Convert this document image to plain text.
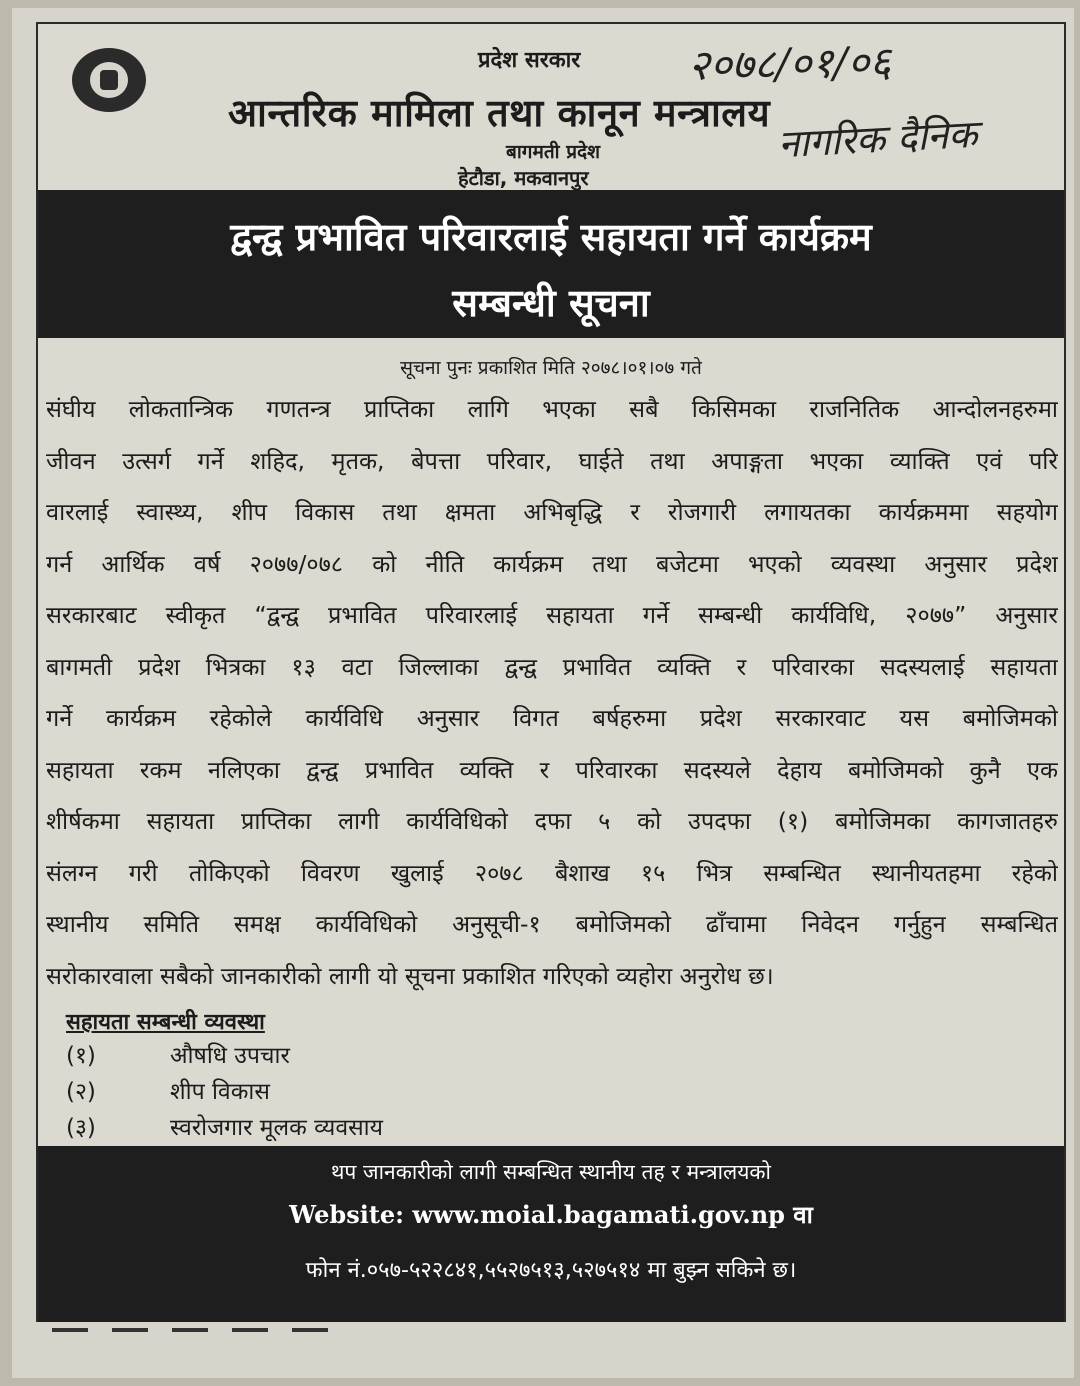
प्रदेश सरकार
आन्तरिक मामिला तथा कानून मन्त्रालय
बागमती प्रदेश
हेटौडा, मकवानपुर
२०७८/०१/०६
नागरिक दैनिक
द्वन्द्व प्रभावित परिवारलाई सहायता गर्ने कार्यक्रम
सम्बन्धी सूचना
सूचना पुनः प्रकाशित मिति २०७८।०१।०७ गते
संघीय लोकतान्त्रिक गणतन्त्र प्राप्तिका लागि भएका सबै किसिमका राजनितिक आन्दोलनहरुमा
जीवन उत्सर्ग गर्ने शहिद, मृतक, बेपत्ता परिवार, घाईते तथा अपाङ्गता भएका व्याक्ति एवं परि
वारलाई स्वास्थ्य, शीप विकास तथा क्षमता अभिबृद्धि र रोजगारी लगायतका कार्यक्रममा सहयोग
गर्न आर्थिक वर्ष २०७७/०७८ को नीति कार्यक्रम तथा बजेटमा भएको व्यवस्था अनुसार प्रदेश
सरकारबाट स्वीकृत “द्वन्द्व प्रभावित परिवारलाई सहायता गर्ने सम्बन्धी कार्यविधि, २०७७” अनुसार
बागमती प्रदेश भित्रका १३ वटा जिल्लाका द्वन्द्व प्रभावित व्यक्ति र परिवारका सदस्यलाई सहायता
गर्ने कार्यक्रम रहेकोले कार्यविधि अनुसार विगत बर्षहरुमा प्रदेश सरकारवाट यस बमोजिमको
सहायता रकम नलिएका द्वन्द्व प्रभावित व्यक्ति र परिवारका सदस्यले देहाय बमोजिमको कुनै एक
शीर्षकमा सहायता प्राप्तिका लागी कार्यविधिको दफा ५ को उपदफा (१) बमोजिमका कागजातहरु
संलग्न गरी तोकिएको विवरण खुलाई २०७८ बैशाख १५ भित्र सम्बन्धित स्थानीयतहमा रहेको
स्थानीय समिति समक्ष कार्यविधिको अनुसूची-१ बमोजिमको ढाँचामा निवेदन गर्नुहुन सम्बन्धित
सरोकारवाला सबैको जानकारीको लागी यो सूचना प्रकाशित गरिएको व्यहोरा अनुरोध छ।
सहायता सम्बन्धी व्यवस्था
(१)	औषधि उपचार
(२)	शीप विकास
(३)	स्वरोजगार मूलक व्यवसाय
थप जानकारीको लागी सम्बन्धित स्थानीय तह र मन्त्रालयको
Website: www.moial.bagamati.gov.np वा
फोन नं.०५७-५२२८४१,५५२७५१३,५२७५१४ मा बुझ्न सकिने छ।
